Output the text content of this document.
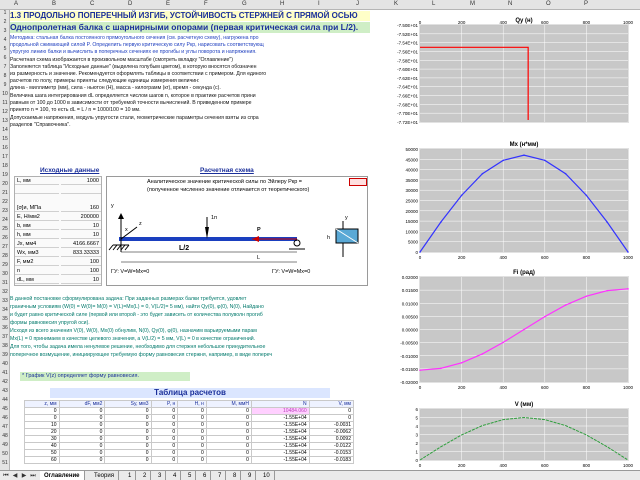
A	B	C	D	E	F	G	H	I	J	K	L	M	N	O	P
1
2
3
4
5
6
7
8
9
10
11
12
13
14
15
16
17
18
19
20
21
22
23
24
25
26
27
28
29
30
31
32
33
34
35
36
37
38
39
40
41
42
43
44
45
46
47
48
49
50
51
1.3 ПРОДОЛЬНО ПОПЕРЕЧНЫЙ ИЗГИБ, УСТОЙЧИВОСТЬ СТЕРЖНЕЙ С ПРЯМОЙ ОСЬЮ
Однопролетная балка с шарнирными опорами (первая критическая сила при L/2).
Методика: стальная балка постоянного прямоугольного сечения (см. расчетную схему), нагружена про
продольной сжимающей силой P. Определить первую критическую силу Pкр, нарисовать соответствующ
упругую линию балки и вычислить в поперечных сечениях ее прогибы и углы поворота и напряжения.
Расчетная схема изображается в произвольном масштабе (смотреть вкладку "Оглавление")
Заполняется таблица "Исходные данные" (выделена голубым цветом), в которую вносятся обозначен
из размерность и значение. Рекомендуется оформлять таблицы в соответствии с примером. Для единого
расчетов по полу, примеры приняты следующие единицы измерения величин:
длина - миллиметр (мм), сила - ньютон (Н), масса - килограмм (кг), время - секунда (с).
Величина шага интегрирования dL определяется числом шагов n, которое в практике расчетов прини
равным от 100 до 1000 в зависимости от требуемой точности вычислений. В приведенном примере
принято n = 100, то есть dL = L / n = 1000/100 = 10 мм.
Допускаемые напряжения, модуль упругости стали, геометрические параметры сечения взяты из спра
разделов "Справочника".
Исходные данные	Расчетная схема
L, мм	1000
[σ]и, МПа	160
E, Н/мм2	200000
b, мм	10
h, мм	10
Jx, мм4	4166.6667
Wx, мм3	833.33333
F, мм2	100
n	100
dL, мм	10
Аналитическое значение критической силы по Эйлеру Pкр =
(полученное численно значение отличается от теоретического)
y
z
x
1п
P
L/2
L
y
h
ГУ: V=W=Mx=0	ГУ: V=W=Mx=0
В данной постановке сформулирована задача: При заданных размерах балки требуется, удовлет
граничным условиям (W(0) = W(0)= M(0) = V(L)=Mx(L) = 0, V(L/2)= 5 мм), найти Qy(0), φ(0), N(0), Найдано
и будет равно критической силе (первой или второй - это будет зависеть от количества полуволн прогиб
формы равновесия упругой оси).
Исходя из всего значения V(0), W(0), Mx(0) обнулим, N(0), Qy(0), φ(0), назначим варьируемыми парам
Mx(L) = 0 принимаем в качестве целевого значения, а V(L/2) = 5 мм, V(L) = 0 в качестве ограничений.
Для того, чтобы задача имела ненулевое решение, необходимо для стержня небольшое принудительное
поперечное возмущение, инициирующее требуемую форму равновесия стержня, например, в виде попереч
* График V(z) определяет форму равновесия.
Таблица расчетов
z, мм	dF, мм2	Sy, мм3	P, н	Н, н	М, ммН	N	V, мм
0	0	0	0	0	0	10484.060	0
0	0	0	0	0	0	-1.55E+04	0
10	0	0	0	0	0	-1.55E+04	-0.0031
20	0	0	0	0	0	-1.55E+04	-0.0062
30	0	0	0	0	0	-1.55E+04	0.0092
40	0	0	0	0	0	-1.55E+04	-0.0122
50	0	0	0	0	0	-1.55E+04	-0.0153
60	0	0	0	0	0	-1.55E+04	-0.0183
Qy (н)
-7.50E+01
-7.52E+01
-7.54E+01
-7.56E+01
-7.58E+01
-7.60E+01
-7.62E+01
-7.64E+01
-7.66E+01
-7.68E+01
-7.70E+01
-7.72E+01
0	200	400	600	800	1000
Mx (н*мм)
0
5000
10000
15000
20000
25000
30000
35000
40000
45000
50000
0	200	400	600	800	1000
Fi (рад)
-0.02000
-0.01500
-0.01000
-0.00500
0.00000
0.00500
0.01000
0.01500
0.02000
0	200	400	600	800	1000
V (мм)
0
1
2
3
4
5
6
0	200	400	600	800	1000
⏮ ◀ ▶ ⏭	Оглавление	Теория	1	2	3	4	5	6	7	8	9	10
